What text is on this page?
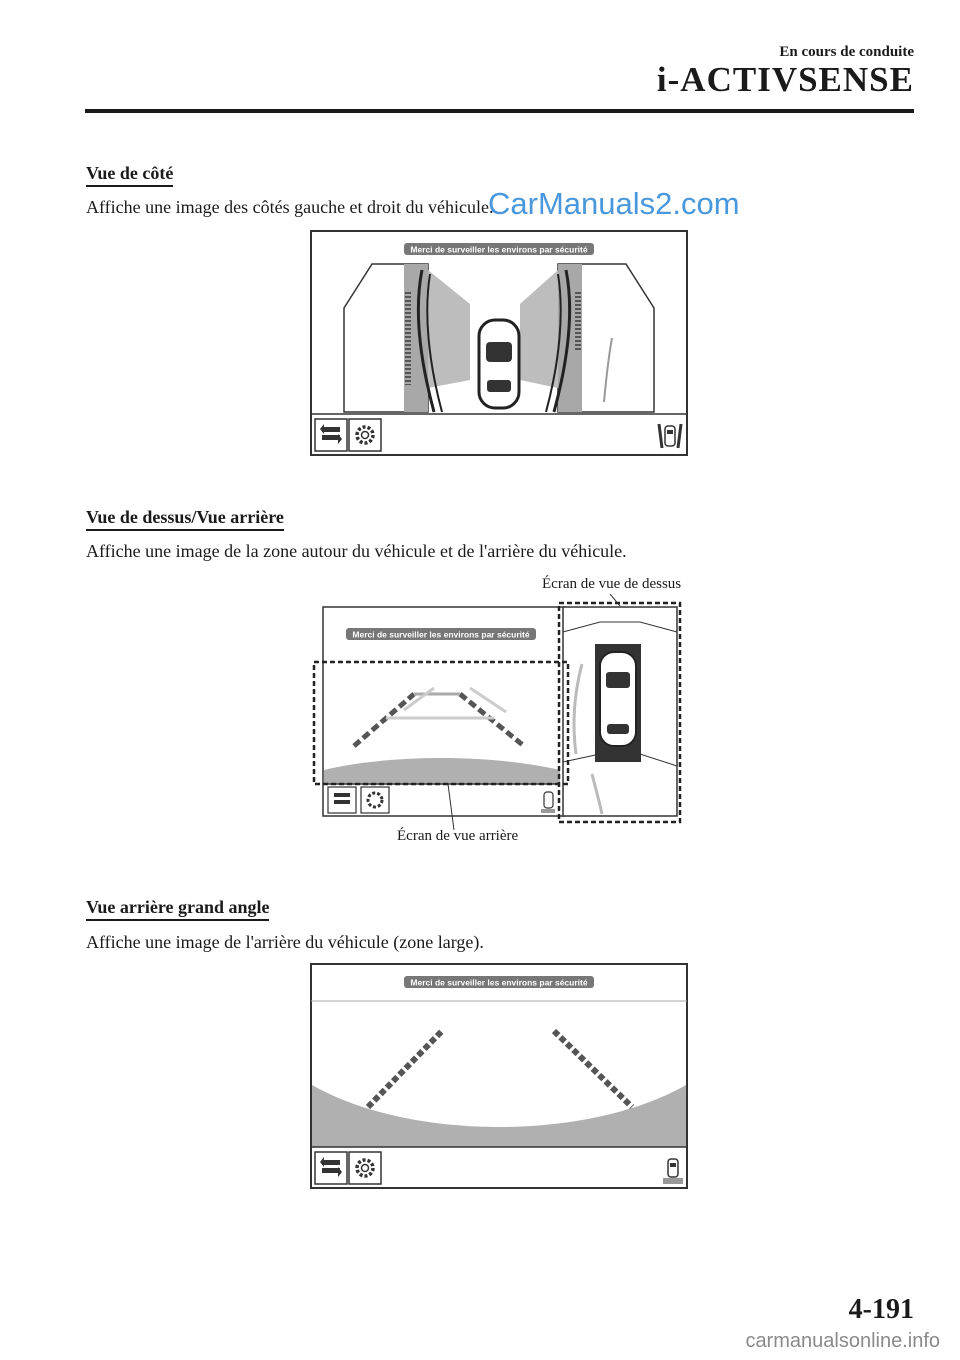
En cours de conduite
i-ACTIVSENSE
Vue de côté
Affiche une image des côtés gauche et droit du véhicule.
CarManuals2.com
Merci de surveiller les environs par sécurité
Vue de dessus/Vue arrière
Affiche une image de la zone autour du véhicule et de l'arrière du véhicule.
Écran de vue de dessus
Merci de surveiller les environs par sécurité
Écran de vue arrière
Vue arrière grand angle
Affiche une image de l'arrière du véhicule (zone large).
Merci de surveiller les environs par sécurité
4-191
carmanualsonline.info
